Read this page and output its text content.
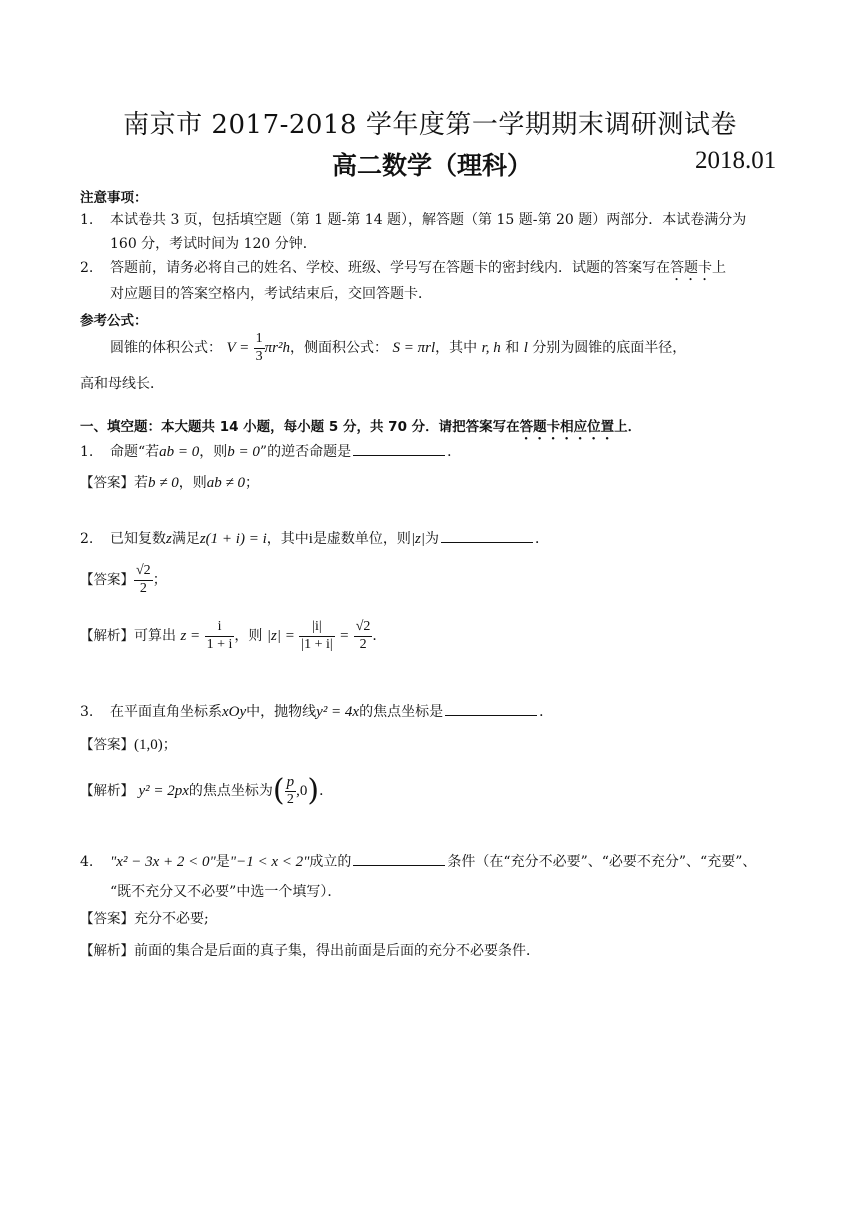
南京市 2017-2018 学年度第一学期期末调研测试卷
高二数学（理科）	2018.01
注意事项：
1. 本试卷共 3 页，包括填空题（第 1 题-第 14 题），解答题（第 15 题-第 20 题）两部分．本试卷满分为
160 分，考试时间为 120 分钟．
2. 答题前，请务必将自己的姓名、学校、班级、学号写在答题卡的密封线内．试题的答案写在答题卡上
对应题目的答案空格内，考试结束后，交回答题卡．
参考公式：
圆锥的体积公式： $V = \frac{1}{3} \pi r^2h$，侧面积公式： S = πrl，其中 r, h 和 l 分别为圆锥的底面半径，
高和母线长．
一、填空题：本大题共 14 小题，每小题 5 分，共 70 分．请把答案写在答题卡相应位置上．
1. 命题“若ab = 0，则b = 0”的逆否命题是	．
【答案】若b ≠ 0，则ab ≠ 0；
2. 已知复数z满足z(1 + i) = i，其中i是虚数单位，则|z|为	．
【答案】 $\frac{√2}{2}$ ；
【解析】可算出 $z = \frac{i}{1 + i}$ ，则 $|z| = \frac{|i|}{|1 + i|} = \frac{√2}{2}$ ．
3. 在平面直角坐标系xOy中，抛物线y² = 4x的焦点坐标是	．
【答案】(1,0)；
【解析】 y² = 2px的焦点坐标为( $\frac{p}{2} ,0$)．
4. "x² − 3x + 2 < 0"是"−1 < x < 2"成立的	条件（在“充分不必要”、“必要不充分”、“充要”、
“既不充分又不必要”中选一个填写）．
【答案】充分不必要;
【解析】前面的集合是后面的真子集，得出前面是后面的充分不必要条件．
